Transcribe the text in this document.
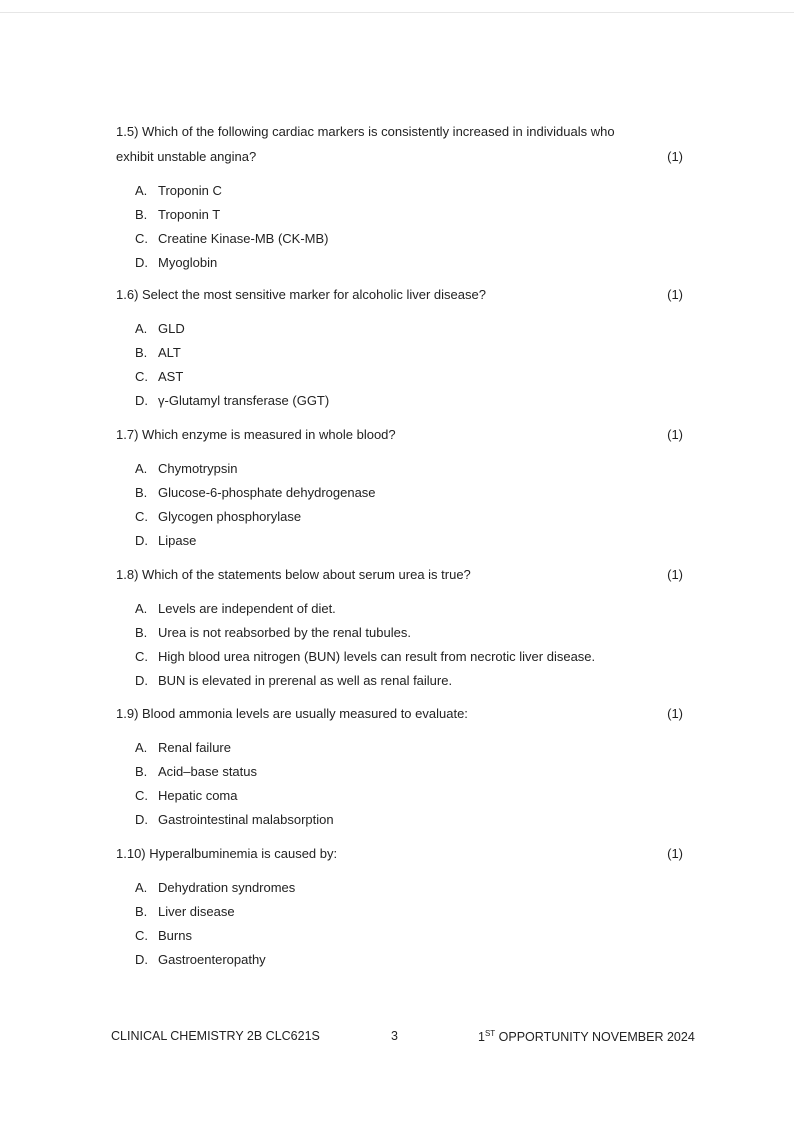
1.5) Which of the following cardiac markers is consistently increased in individuals who
exhibit unstable angina?	(1)
A. Troponin C
B. Troponin T
C. Creatine Kinase-MB (CK-MB)
D. Myoglobin
1.6) Select the most sensitive marker for alcoholic liver disease?	(1)
A. GLD
B. ALT
C. AST
D. γ-Glutamyl transferase (GGT)
1.7) Which enzyme is measured in whole blood?	(1)
A. Chymotrypsin
B. Glucose-6-phosphate dehydrogenase
C. Glycogen phosphorylase
D. Lipase
1.8) Which of the statements below about serum urea is true?	(1)
A. Levels are independent of diet.
B. Urea is not reabsorbed by the renal tubules.
C. High blood urea nitrogen (BUN) levels can result from necrotic liver disease.
D. BUN is elevated in prerenal as well as renal failure.
1.9) Blood ammonia levels are usually measured to evaluate:	(1)
A. Renal failure
B. Acid–base status
C. Hepatic coma
D. Gastrointestinal malabsorption
1.10) Hyperalbuminemia is caused by:	(1)
A. Dehydration syndromes
B. Liver disease
C. Burns
D. Gastroenteropathy
CLINICAL CHEMISTRY 2B CLC621S	3	1ST OPPORTUNITY NOVEMBER 2024
